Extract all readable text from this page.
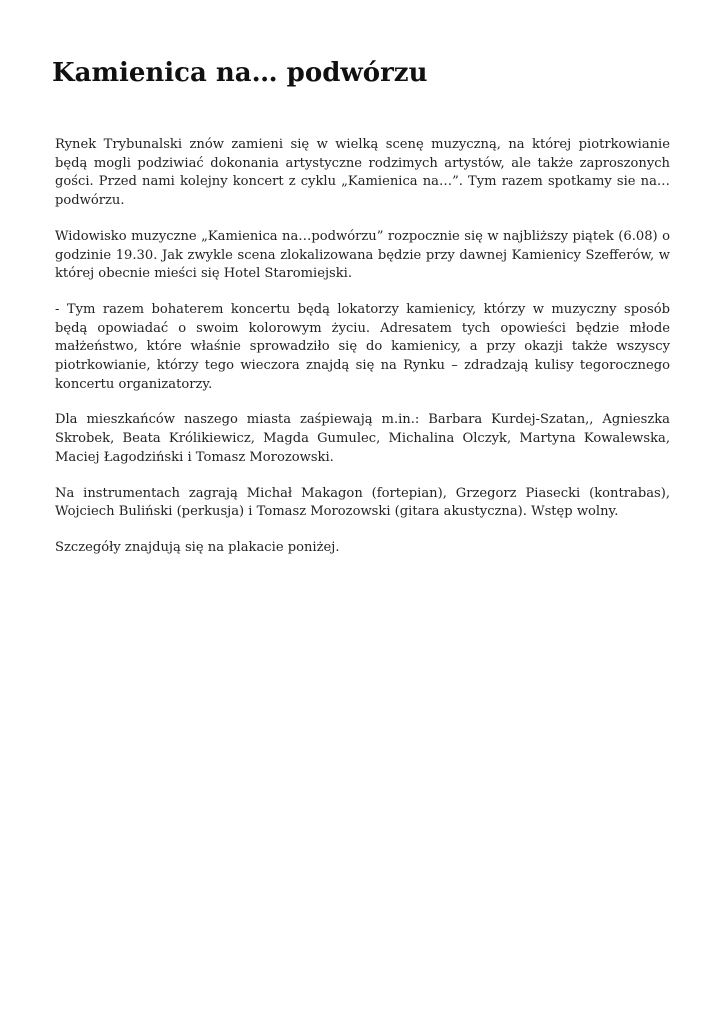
Kamienica na… podwórzu

Rynek Trybunalski znów zamieni się w wielką scenę muzyczną, na której piotrkowianie będą mogli podziwiać dokonania artystyczne rodzimych artystów, ale także zaproszonych gości. Przed nami kolejny koncert z cyklu „Kamienica na…”. Tym razem spotkamy sie na… podwórzu.

Widowisko muzyczne „Kamienica na…podwórzu” rozpocznie się w najbliższy piątek (6.08) o godzinie 19.30. Jak zwykle scena zlokalizowana będzie przy dawnej Kamienicy Szefferów, w której obecnie mieści się Hotel Staromiejski.

- Tym razem bohaterem koncertu będą lokatorzy kamienicy, którzy w muzyczny sposób będą opowiadać o swoim kolorowym życiu. Adresatem tych opowieści będzie młode małżeństwo, które właśnie sprowadziło się do kamienicy, a przy okazji także wszyscy piotrkowianie, którzy tego wieczora znajdą się na Rynku – zdradzają kulisy tegorocznego koncertu organizatorzy.

Dla mieszkańców naszego miasta zaśpiewają m.in.: Barbara Kurdej-Szatan,, Agnieszka Skrobek, Beata Królikiewicz, Magda Gumulec, Michalina Olczyk, Martyna Kowalewska, Maciej Łagodziński i Tomasz Morozowski.

Na instrumentach zagrają Michał Makagon (fortepian), Grzegorz Piasecki (kontrabas), Wojciech Buliński (perkusja) i Tomasz Morozowski (gitara akustyczna). Wstęp wolny.

Szczegóły znajdują się na plakacie poniżej.
